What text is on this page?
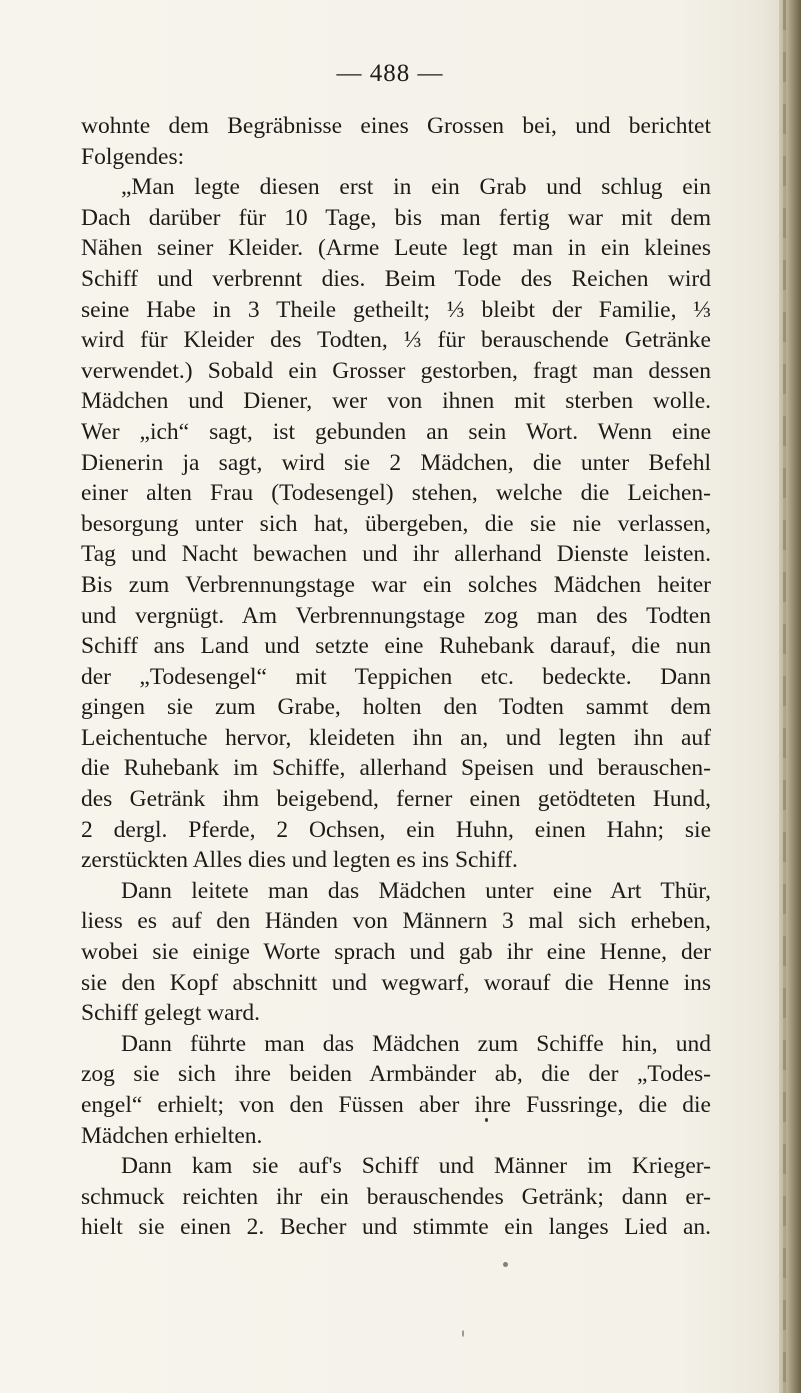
— 488 —
wohnte dem Begräbnisse eines Grossen bei, und berichtet
Folgendes:
„Man legte diesen erst in ein Grab und schlug ein
Dach darüber für 10 Tage, bis man fertig war mit dem
Nähen seiner Kleider. (Arme Leute legt man in ein kleines
Schiff und verbrennt dies. Beim Tode des Reichen wird
seine Habe in 3 Theile getheilt; ⅓ bleibt der Familie, ⅓
wird für Kleider des Todten, ⅓ für berauschende Getränke
verwendet.) Sobald ein Grosser gestorben, fragt man dessen
Mädchen und Diener, wer von ihnen mit sterben wolle.
Wer „ich“ sagt, ist gebunden an sein Wort. Wenn eine
Dienerin ja sagt, wird sie 2 Mädchen, die unter Befehl
einer alten Frau (Todesengel) stehen, welche die Leichen-
besorgung unter sich hat, übergeben, die sie nie verlassen,
Tag und Nacht bewachen und ihr allerhand Dienste leisten.
Bis zum Verbrennungstage war ein solches Mädchen heiter
und vergnügt. Am Verbrennungstage zog man des Todten
Schiff ans Land und setzte eine Ruhebank darauf, die nun
der „Todesengel“ mit Teppichen etc. bedeckte. Dann
gingen sie zum Grabe, holten den Todten sammt dem
Leichentuche hervor, kleideten ihn an, und legten ihn auf
die Ruhebank im Schiffe, allerhand Speisen und berauschen-
des Getränk ihm beigebend, ferner einen getödteten Hund,
2 dergl. Pferde, 2 Ochsen, ein Huhn, einen Hahn; sie
zerstückten Alles dies und legten es ins Schiff.
Dann leitete man das Mädchen unter eine Art Thür,
liess es auf den Händen von Männern 3 mal sich erheben,
wobei sie einige Worte sprach und gab ihr eine Henne, der
sie den Kopf abschnitt und wegwarf, worauf die Henne ins
Schiff gelegt ward.
Dann führte man das Mädchen zum Schiffe hin, und
zog sie sich ihre beiden Armbänder ab, die der „Todes-
engel“ erhielt; von den Füssen aber ihre Fussringe, die die
Mädchen erhielten.
Dann kam sie auf's Schiff und Männer im Krieger-
schmuck reichten ihr ein berauschendes Getränk; dann er-
hielt sie einen 2. Becher und stimmte ein langes Lied an.
